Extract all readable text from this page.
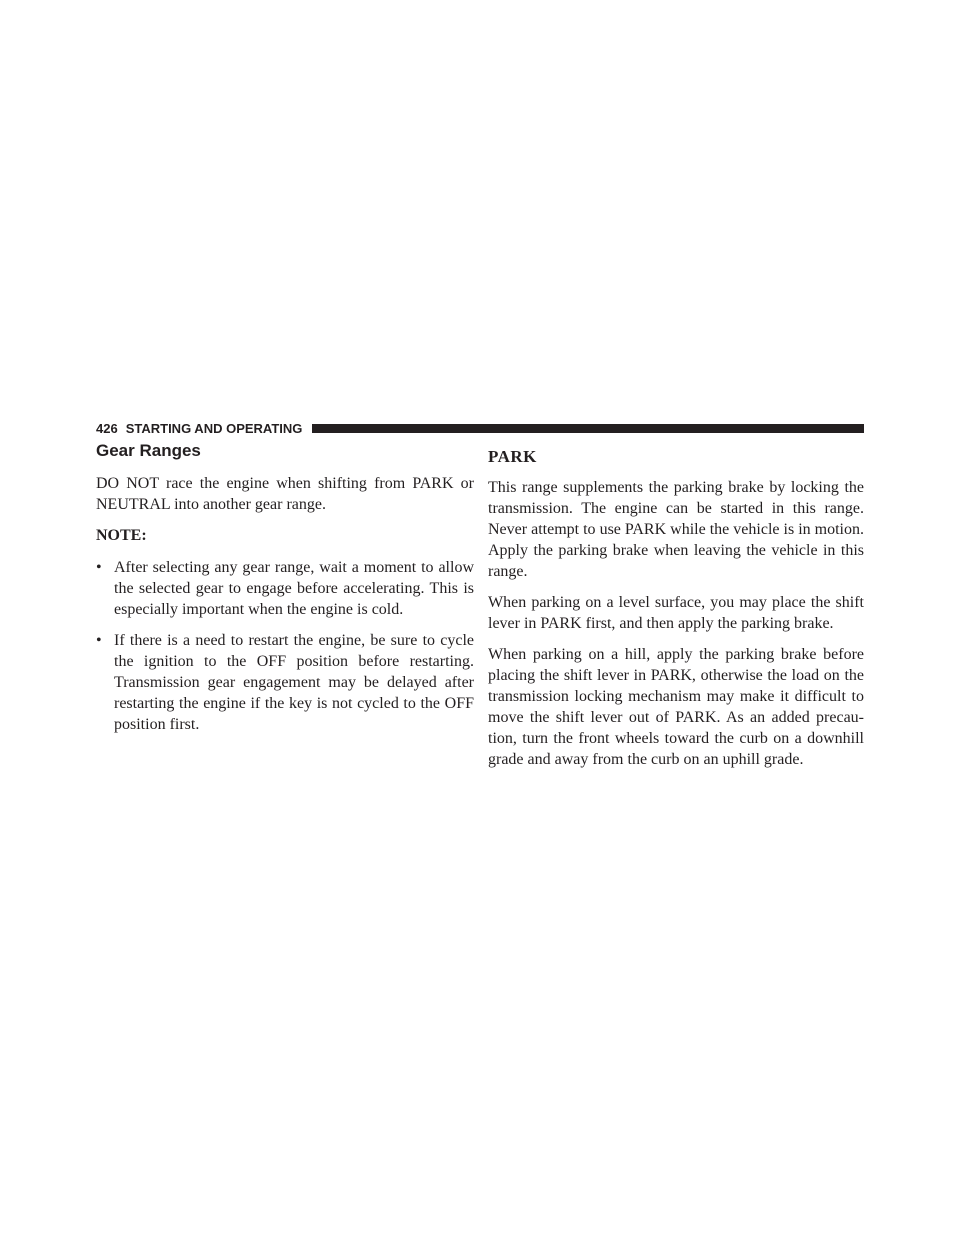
426 STARTING AND OPERATING
Gear Ranges

DO NOT race the engine when shifting from PARK or NEUTRAL into another gear range.

NOTE:

• After selecting any gear range, wait a moment to allow the selected gear to engage before accelerating. This is especially important when the engine is cold.
• If there is a need to restart the engine, be sure to cycle the ignition to the OFF position before restarting. Transmission gear engagement may be delayed after restarting the engine if the key is not cycled to the OFF position first.
PARK

This range supplements the parking brake by locking the transmission. The engine can be started in this range. Never attempt to use PARK while the vehicle is in motion. Apply the parking brake when leaving the vehicle in this range.

When parking on a level surface, you may place the shift lever in PARK first, and then apply the parking brake.

When parking on a hill, apply the parking brake before placing the shift lever in PARK, otherwise the load on the transmission locking mechanism may make it difficult to move the shift lever out of PARK. As an added precau-tion, turn the front wheels toward the curb on a downhill grade and away from the curb on an uphill grade.
